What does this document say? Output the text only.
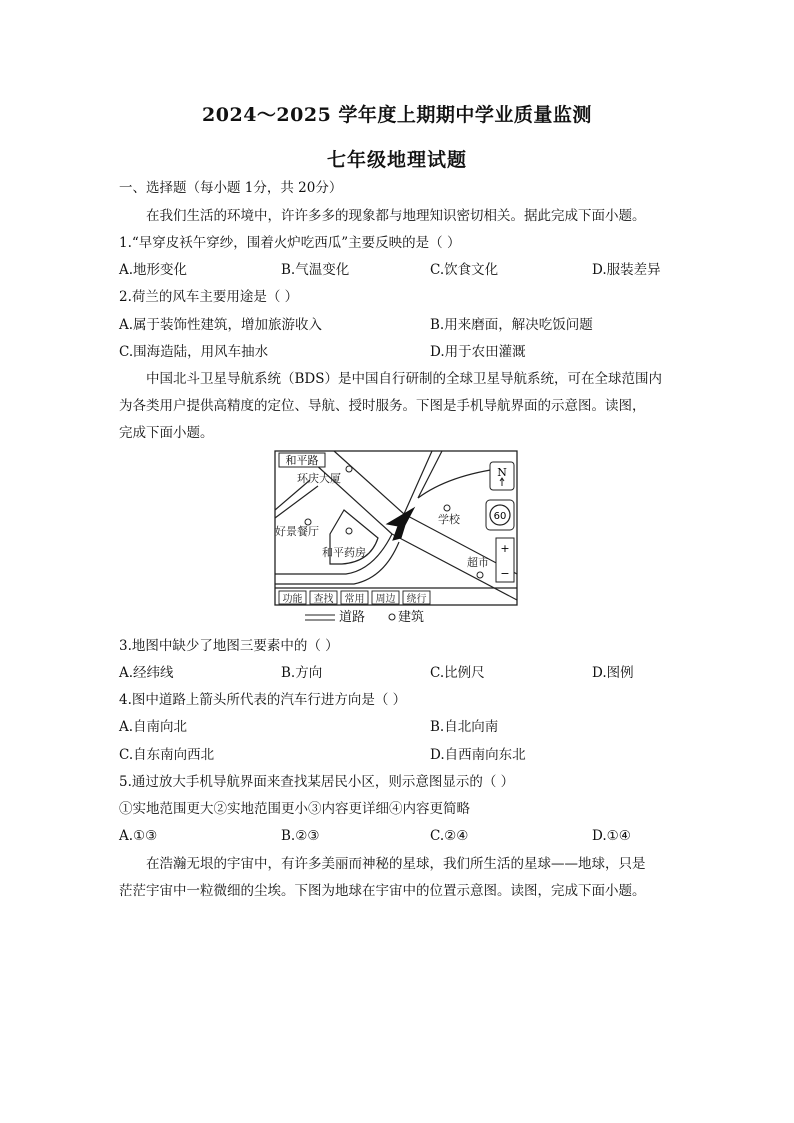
2024～2025 学年度上期期中学业质量监测
七年级地理试题
一、选择题（每小题 1分，共 20分）
在我们生活的环境中，许许多多的现象都与地理知识密切相关。据此完成下面小题。
1.“早穿皮袄午穿纱，围着火炉吃西瓜”主要反映的是（ ）
A.地形变化	B.气温变化	C.饮食文化	D.服装差异
2.荷兰的风车主要用途是（ ）
A.属于装饰性建筑，增加旅游收入	B.用来磨面，解决吃饭问题
C.围海造陆，用风车抽水	D.用于农田灌溉
中国北斗卫星导航系统（BDS）是中国自行研制的全球卫星导航系统，可在全球范围内
为各类用户提供高精度的定位、导航、授时服务。下图是手机导航界面的示意图。读图，
完成下面小题。
和平路
环庆大厦
好景餐厅
和平药房
学校
超市
N
60
+
−
功能 查找 常用 周边 绕行
道路	建筑
3.地图中缺少了地图三要素中的（ ）
A.经纬线	B.方向	C.比例尺	D.图例
4.图中道路上箭头所代表的汽车行进方向是（ ）
A.自南向北	B.自北向南
C.自东南向西北	D.自西南向东北
5.通过放大手机导航界面来查找某居民小区，则示意图显示的（ ）
①实地范围更大②实地范围更小③内容更详细④内容更简略
A.①③	B.②③	C.②④	D.①④
在浩瀚无垠的宇宙中，有许多美丽而神秘的星球，我们所生活的星球——地球，只是
茫茫宇宙中一粒微细的尘埃。下图为地球在宇宙中的位置示意图。读图，完成下面小题。
